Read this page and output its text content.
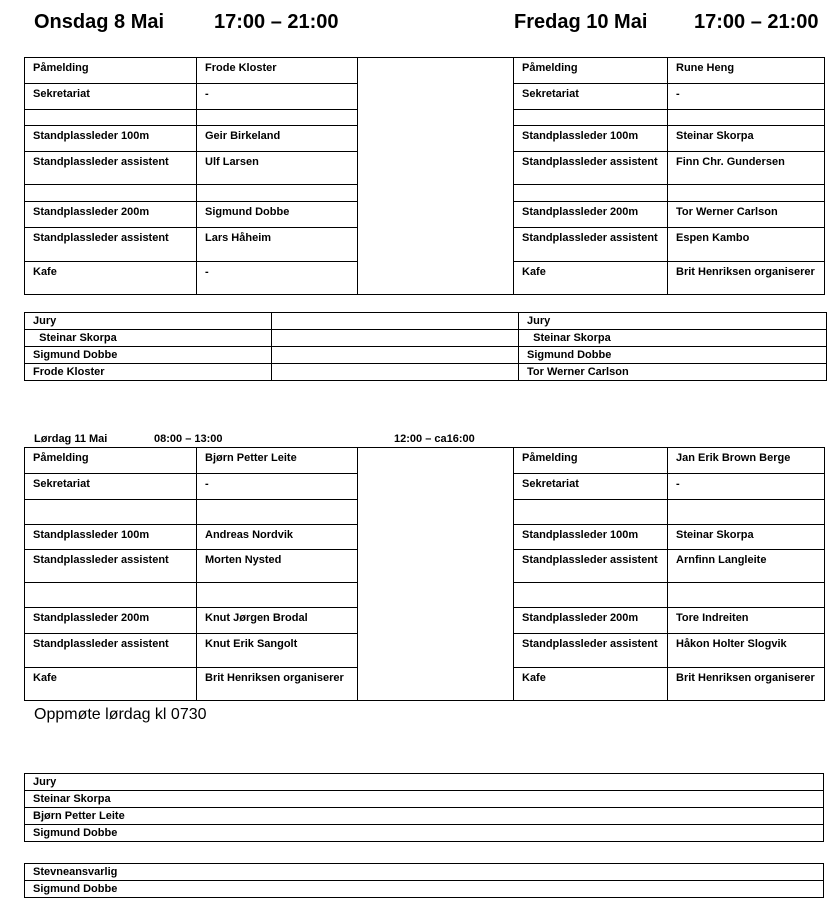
Onsdag 8 Mai 17:00 – 21:00	Fredag 10 Mai 17:00 – 21:00
Påmelding	Frode Kloster		Påmelding	Rune Heng
Sekretariat	-		Sekretariat	-

Standplassleder 100m	Geir Birkeland		Standplassleder 100m	Steinar Skorpa
Standplassleder assistent	Ulf Larsen		Standplassleder assistent	Finn Chr. Gundersen

Standplassleder 200m	Sigmund Dobbe		Standplassleder 200m	Tor Werner Carlson
Standplassleder assistent	Lars Håheim		Standplassleder assistent	Espen Kambo
Kafe	-		Kafe	Brit Henriksen organiserer
Jury		Jury
Steinar Skorpa		Steinar Skorpa
Sigmund Dobbe		Sigmund Dobbe
Frode Kloster		Tor Werner Carlson
Lørdag 11 Mai	08:00 – 13:00	12:00 – ca16:00
Påmelding	Bjørn Petter Leite		Påmelding	Jan Erik Brown Berge
Sekretariat	-		Sekretariat	-

Standplassleder 100m	Andreas Nordvik		Standplassleder 100m	Steinar Skorpa
Standplassleder assistent	Morten Nysted		Standplassleder assistent	Arnfinn Langleite

Standplassleder 200m	Knut Jørgen Brodal		Standplassleder 200m	Tore Indreiten
Standplassleder assistent	Knut Erik Sangolt		Standplassleder assistent	Håkon Holter Slogvik
Kafe	Brit Henriksen organiserer		Kafe	Brit Henriksen organiserer
Oppmøte lørdag kl 0730
Jury
Steinar Skorpa
Bjørn Petter Leite
Sigmund Dobbe
Stevneansvarlig
Sigmund Dobbe
